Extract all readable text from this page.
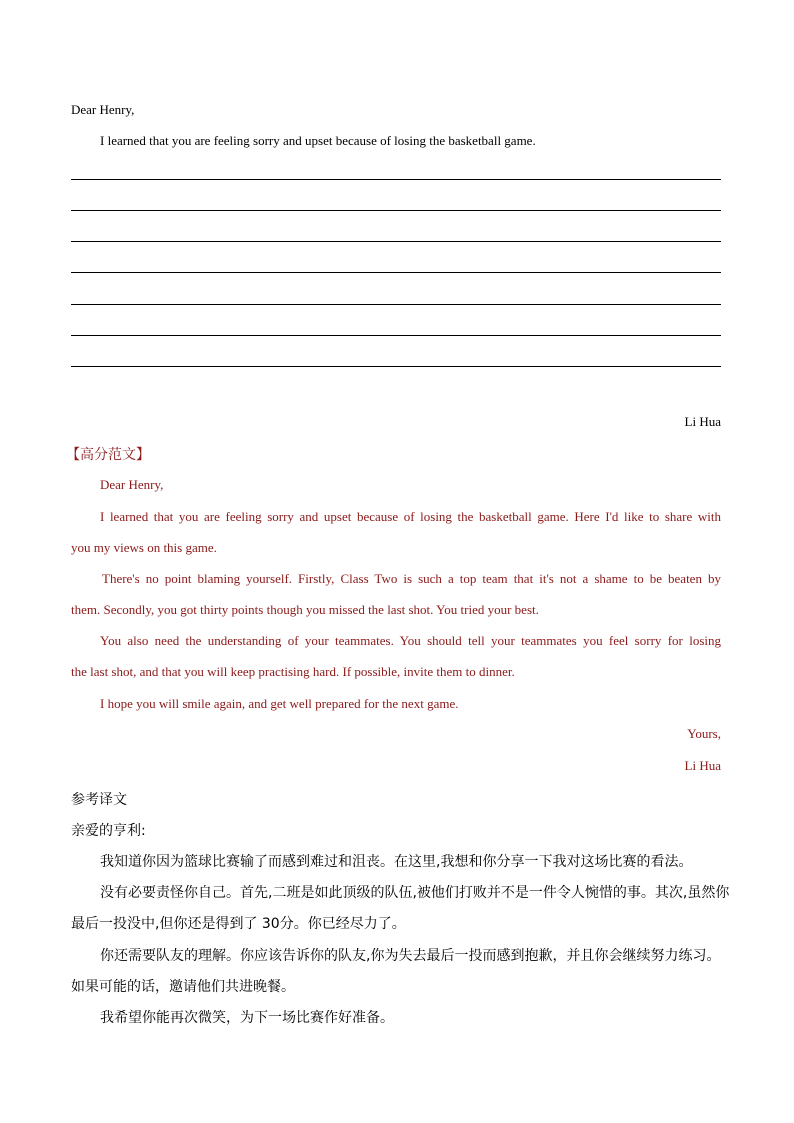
Dear Henry,
I learned that you are feeling sorry and upset because of losing the basketball game.
Li Hua
【高分范文】
Dear Henry,
I learned that you are feeling sorry and upset because of losing the basketball game. Here I'd like to share with
you my views on this game.
There's no point blaming yourself. Firstly, Class Two is such a top team that it's not a shame to be beaten by
them. Secondly, you got thirty points though you missed the last shot. You tried your best.
You also need the understanding of your teammates. You should tell your teammates you feel sorry for losing
the last shot, and that you will keep practising hard. If possible, invite them to dinner.
I hope you will smile again, and get well prepared for the next game.
Yours,
Li Hua
参考译文
亲爱的亨利:
我知道你因为篮球比赛输了而感到难过和沮丧。在这里,我想和你分享一下我对这场比赛的看法。
没有必要责怪你自己。首先,二班是如此顶级的队伍,被他们打败并不是一件令人惋惜的事。其次,虽然你
最后一投没中,但你还是得到了 30分。你已经尽力了。
你还需要队友的理解。你应该告诉你的队友,你为失去最后一投而感到抱歉，并且你会继续努力练习。
如果可能的话，邀请他们共进晚餐。
我希望你能再次微笑，为下一场比赛作好准备。
